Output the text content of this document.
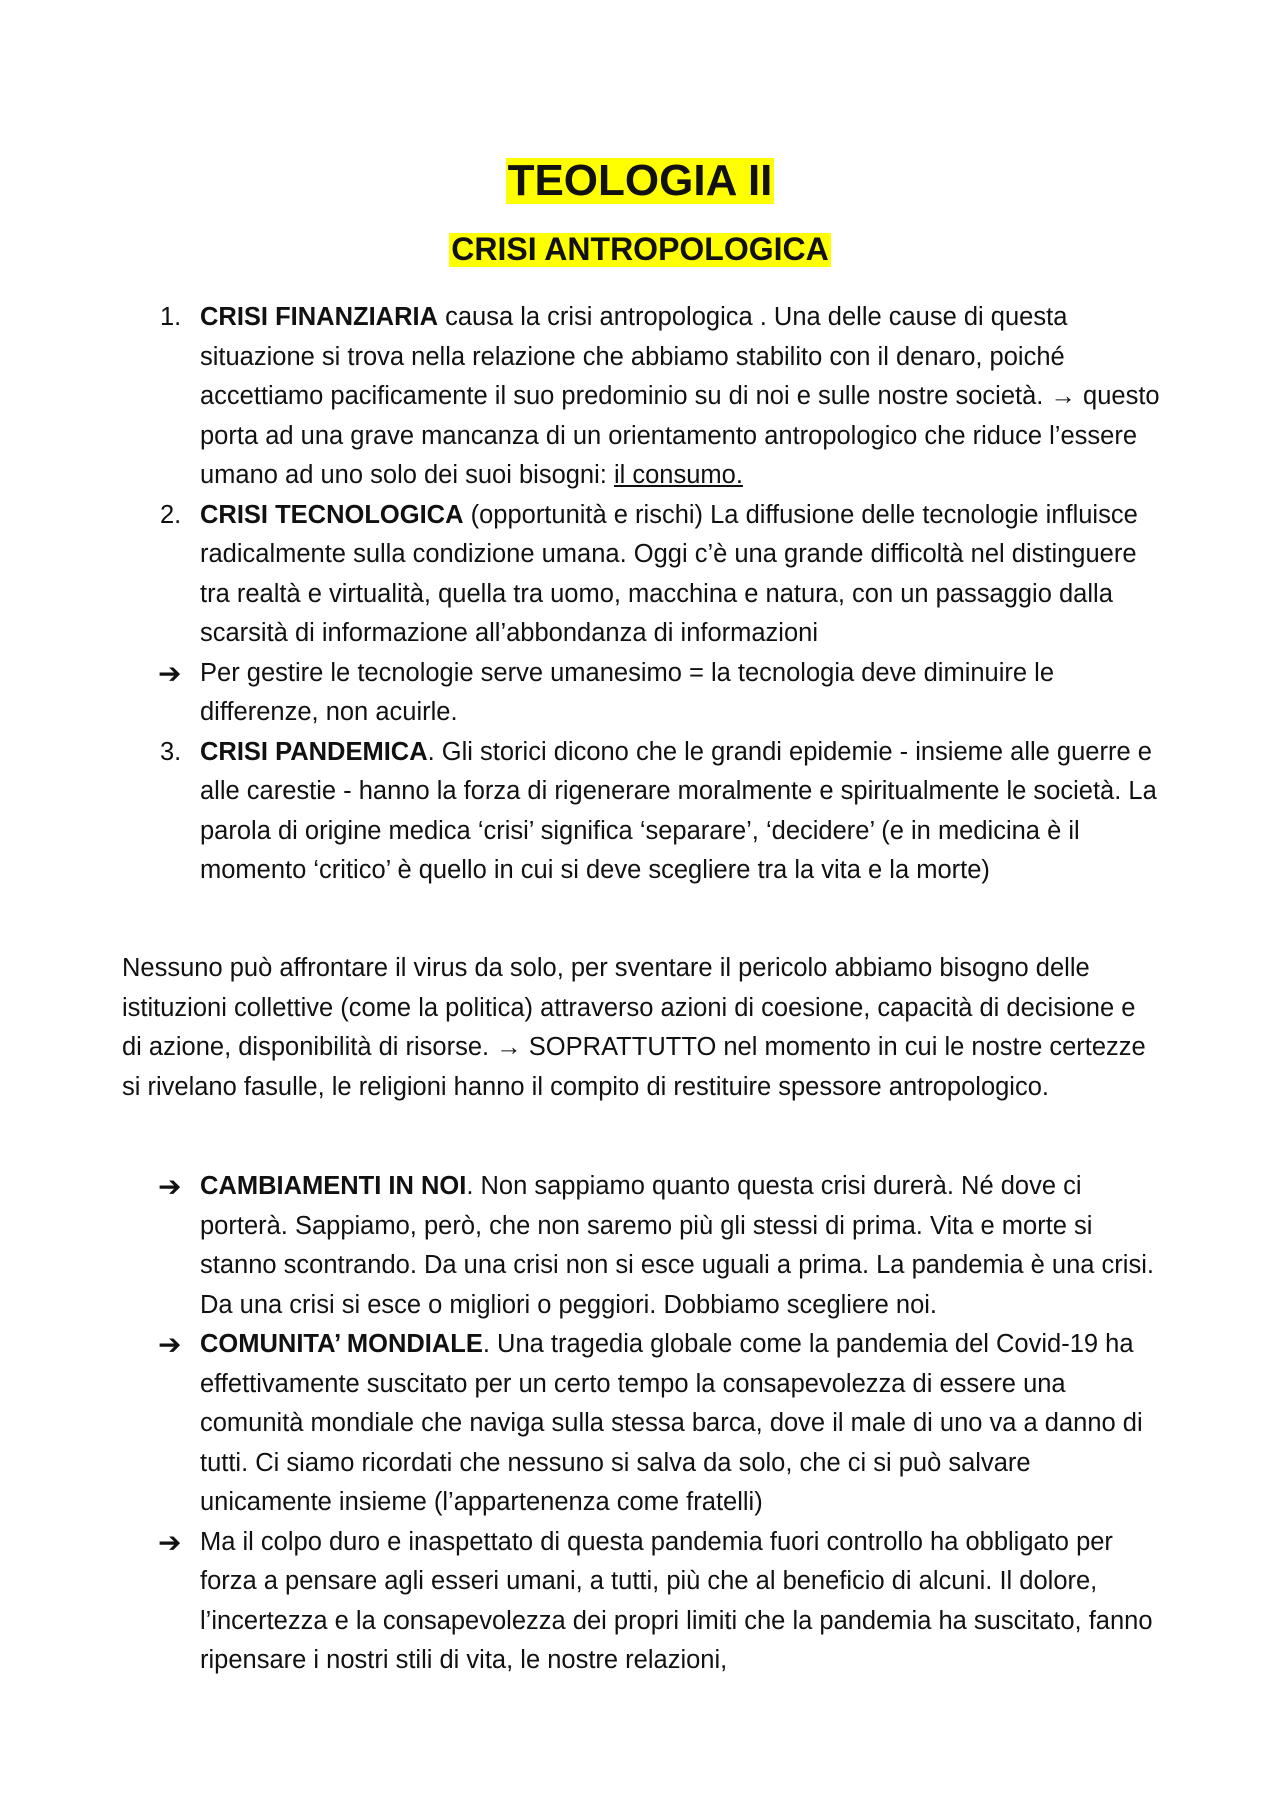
TEOLOGIA II
CRISI ANTROPOLOGICA
1. CRISI FINANZIARIA causa la crisi antropologica . Una delle cause di questa situazione si trova nella relazione che abbiamo stabilito con il denaro, poiché accettiamo pacificamente il suo predominio su di noi e sulle nostre società. → questo porta ad una grave mancanza di un orientamento antropologico che riduce l’essere umano ad uno solo dei suoi bisogni: il consumo.
2. CRISI TECNOLOGICA (opportunità e rischi) La diffusione delle tecnologie influisce radicalmente sulla condizione umana. Oggi c’è una grande difficoltà nel distinguere tra realtà e virtualità, quella tra uomo, macchina e natura, con un passaggio dalla scarsità di informazione all’abbondanza di informazioni
➔ Per gestire le tecnologie serve umanesimo = la tecnologia deve diminuire le differenze, non acuirle.
3. CRISI PANDEMICA. Gli storici dicono che le grandi epidemie - insieme alle guerre e alle carestie - hanno la forza di rigenerare moralmente e spiritualmente le società. La parola di origine medica ‘crisi’ significa ‘separare’, ‘decidere’ (e in medicina è il momento ‘critico’ è quello in cui si deve scegliere tra la vita e la morte)
Nessuno può affrontare il virus da solo, per sventare il pericolo abbiamo bisogno delle istituzioni collettive (come la politica) attraverso azioni di coesione, capacità di decisione e di azione, disponibilità di risorse. → SOPRATTUTTO nel momento in cui le nostre certezze si rivelano fasulle, le religioni hanno il compito di restituire spessore antropologico.
➔ CAMBIAMENTI IN NOI. Non sappiamo quanto questa crisi durerà. Né dove ci porterà. Sappiamo, però, che non saremo più gli stessi di prima. Vita e morte si stanno scontrando. Da una crisi non si esce uguali a prima. La pandemia è una crisi. Da una crisi si esce o migliori o peggiori. Dobbiamo scegliere noi.
➔ COMUNITA’ MONDIALE. Una tragedia globale come la pandemia del Covid-19 ha effettivamente suscitato per un certo tempo la consapevolezza di essere una comunità mondiale che naviga sulla stessa barca, dove il male di uno va a danno di tutti. Ci siamo ricordati che nessuno si salva da solo, che ci si può salvare unicamente insieme (l’appartenenza come fratelli)
➔ Ma il colpo duro e inaspettato di questa pandemia fuori controllo ha obbligato per forza a pensare agli esseri umani, a tutti, più che al beneficio di alcuni. Il dolore, l’incertezza e la consapevolezza dei propri limiti che la pandemia ha suscitato, fanno ripensare i nostri stili di vita, le nostre relazioni,
